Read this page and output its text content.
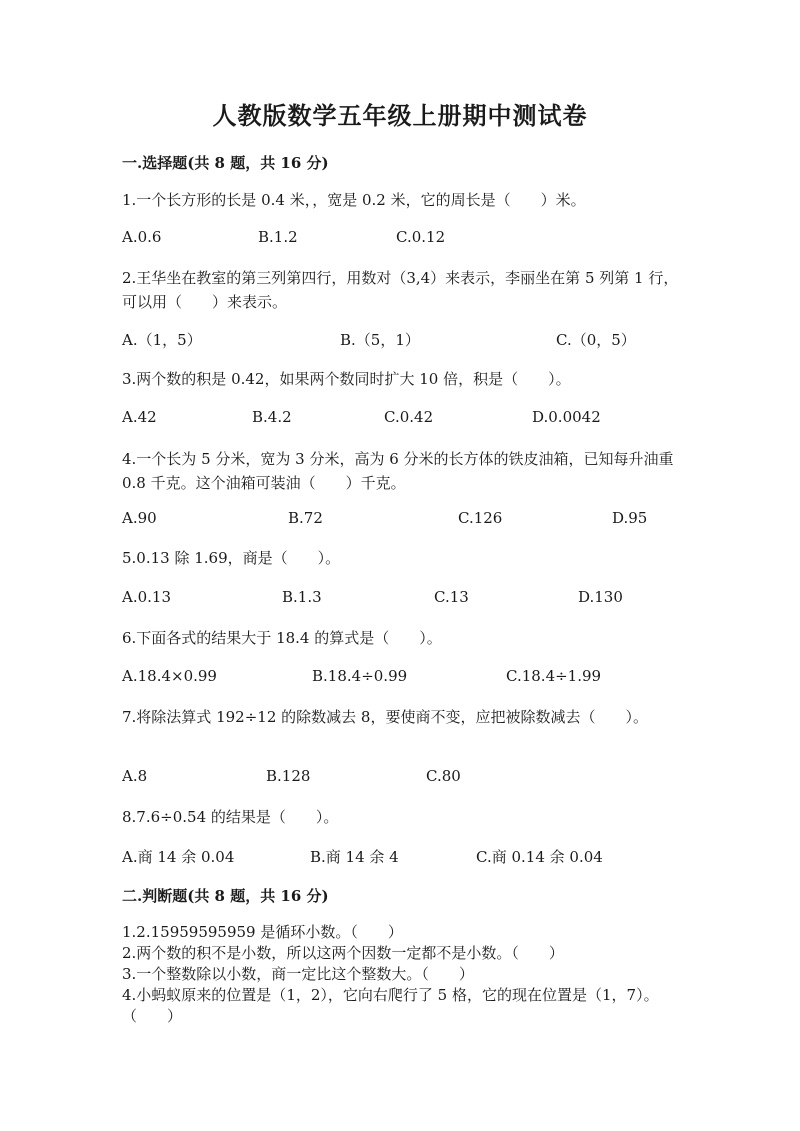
人教版数学五年级上册期中测试卷
一.选择题(共 8 题，共 16 分)
1.一个长方形的长是 0.4 米，，宽是 0.2 米，它的周长是（　　）米。
A.0.6	B.1.2	C.0.12
2.王华坐在教室的第三列第四行，用数对（3,4）来表示，李丽坐在第 5 列第 1 行，可以用（　　）来表示。
A.（1，5）	B.（5，1）	C.（0，5）
3.两个数的积是 0.42，如果两个数同时扩大 10 倍，积是（　　）。
A.42	B.4.2	C.0.42	D.0.0042
4.一个长为 5 分米，宽为 3 分米，高为 6 分米的长方体的铁皮油箱，已知每升油重 0.8 千克。这个油箱可装油（　　）千克。
A.90	B.72	C.126	D.95
5.0.13 除 1.69，商是（　　）。
A.0.13	B.1.3	C.13	D.130
6.下面各式的结果大于 18.4 的算式是（　　）。
A.18.4×0.99	B.18.4÷0.99	C.18.4÷1.99
7.将除法算式 192÷12 的除数减去 8，要使商不变，应把被除数减去（　　）。
A.8	B.128	C.80
8.7.6÷0.54 的结果是（　　）。
A.商 14 余 0.04	B.商 14 余 4	C.商 0.14 余 0.04
二.判断题(共 8 题，共 16 分)
1.2.15959595959 是循环小数。（　　）
2.两个数的积不是小数，所以这两个因数一定都不是小数。（　　）
3.一个整数除以小数，商一定比这个整数大。（　　）
4.小蚂蚁原来的位置是（1，2），它向右爬行了 5 格，它的现在位置是（1，7）。（　　）
